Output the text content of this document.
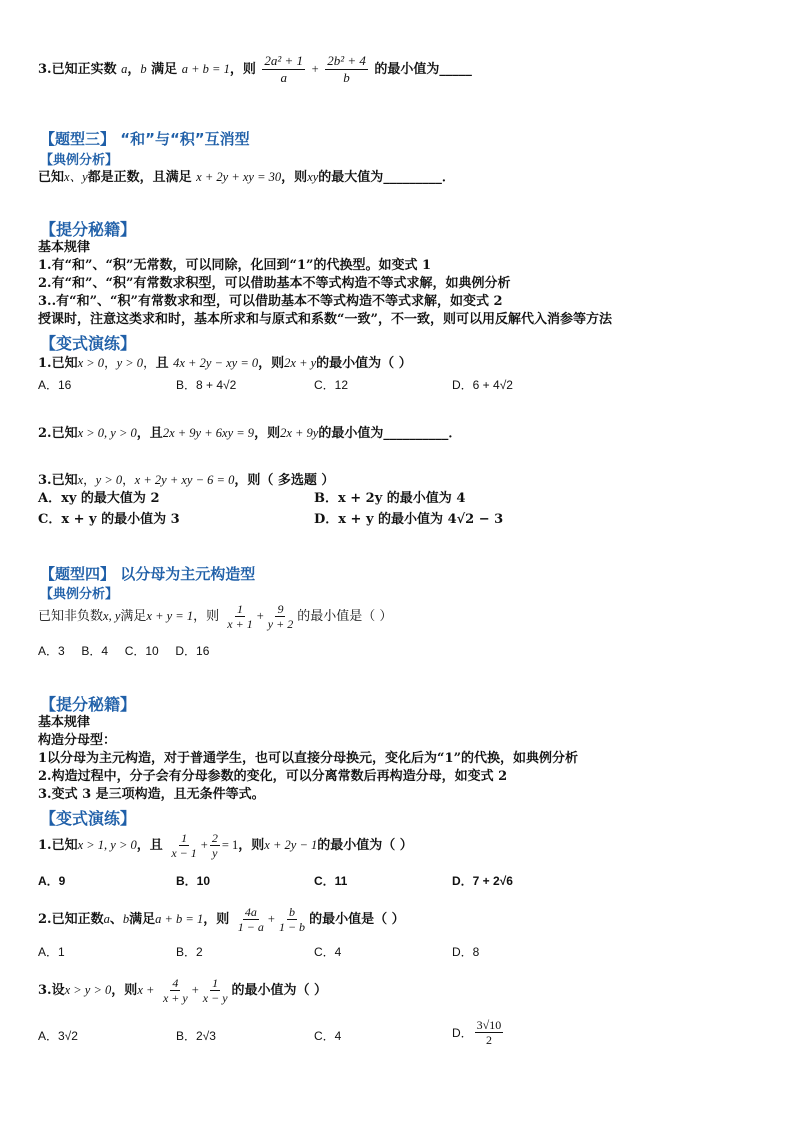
3.已知正实数 a，b 满足 a + b = 1，则 $\frac{\text{2a² + 1}}{a} + \frac{\text{2b² + 4}}{b}$ 的最小值为_____
【题型三】 “和”与“积”互消型
【典例分析】
已知x、y都是正数，且满足 x + 2y + xy = 30，则xy的最大值为_________．
【提分秘籍】
基本规律
1.有“和”、“积”无常数，可以同除，化回到“1”的代换型。如变式 1
2.有“和”、“积”有常数求积型，可以借助基本不等式构造不等式求解，如典例分析
3..有“和”、“积”有常数求和型，可以借助基本不等式构造不等式求解，如变式 2
授课时，注意这类求和时，基本所求和与原式和系数“一致”，不一致，则可以用反解代入消参等方法
【变式演练】
1.已知x > 0，y > 0，且 4x + 2y − xy = 0，则2x + y的最小值为（ ）
A．16	B．8 + 4√2	C．12	D．6 + 4√2
2.已知x > 0, y > 0，且2x + 9y + 6xy = 9，则2x + 9y的最小值为__________．
3.已知x，y > 0，x + 2y + xy − 6 = 0，则（ 多选题 ）
A．xy 的最大值为 2	B．x + 2y 的最小值为 4
C．x + y 的最小值为 3	D．x + y 的最小值为 4√2 − 3
【题型四】 以分母为主元构造型
【典例分析】
已知非负数x, y满足x + y = 1，则 $\frac{1}{x + 1} + \frac{9}{y + 2}$ 的最小值是（ ）
A．3     B．4     C．10     D．16
【提分秘籍】
基本规律
构造分母型：
1以分母为主元构造，对于普通学生，也可以直接分母换元，变化后为“1”的代换，如典例分析
2.构造过程中，分子会有分母参数的变化，可以分离常数后再构造分母，如变式 2
3.变式 3 是三项构造，且无条件等式。
【变式演练】
1.已知x > 1, y > 0，且 $\frac{1}{x - 1} + \frac{2}{y} = 1$，则x + 2y − 1的最小值为（ ）
A．9	B．10	C．11	D．7 + 2√6
2.已知正数a、b满足a + b = 1，则 $\frac{4a}{1 - a} + \frac{b}{1 - b}$ 的最小值是（ ）
A．1	B．2	C．4	D．8
3.设x > y > 0，则$x + \frac{4}{x + y} + \frac{1}{x - y}$ 的最小值为（ ）
A．3√2	B．2√3	C．4	D． $\frac{3√10}{2}$
